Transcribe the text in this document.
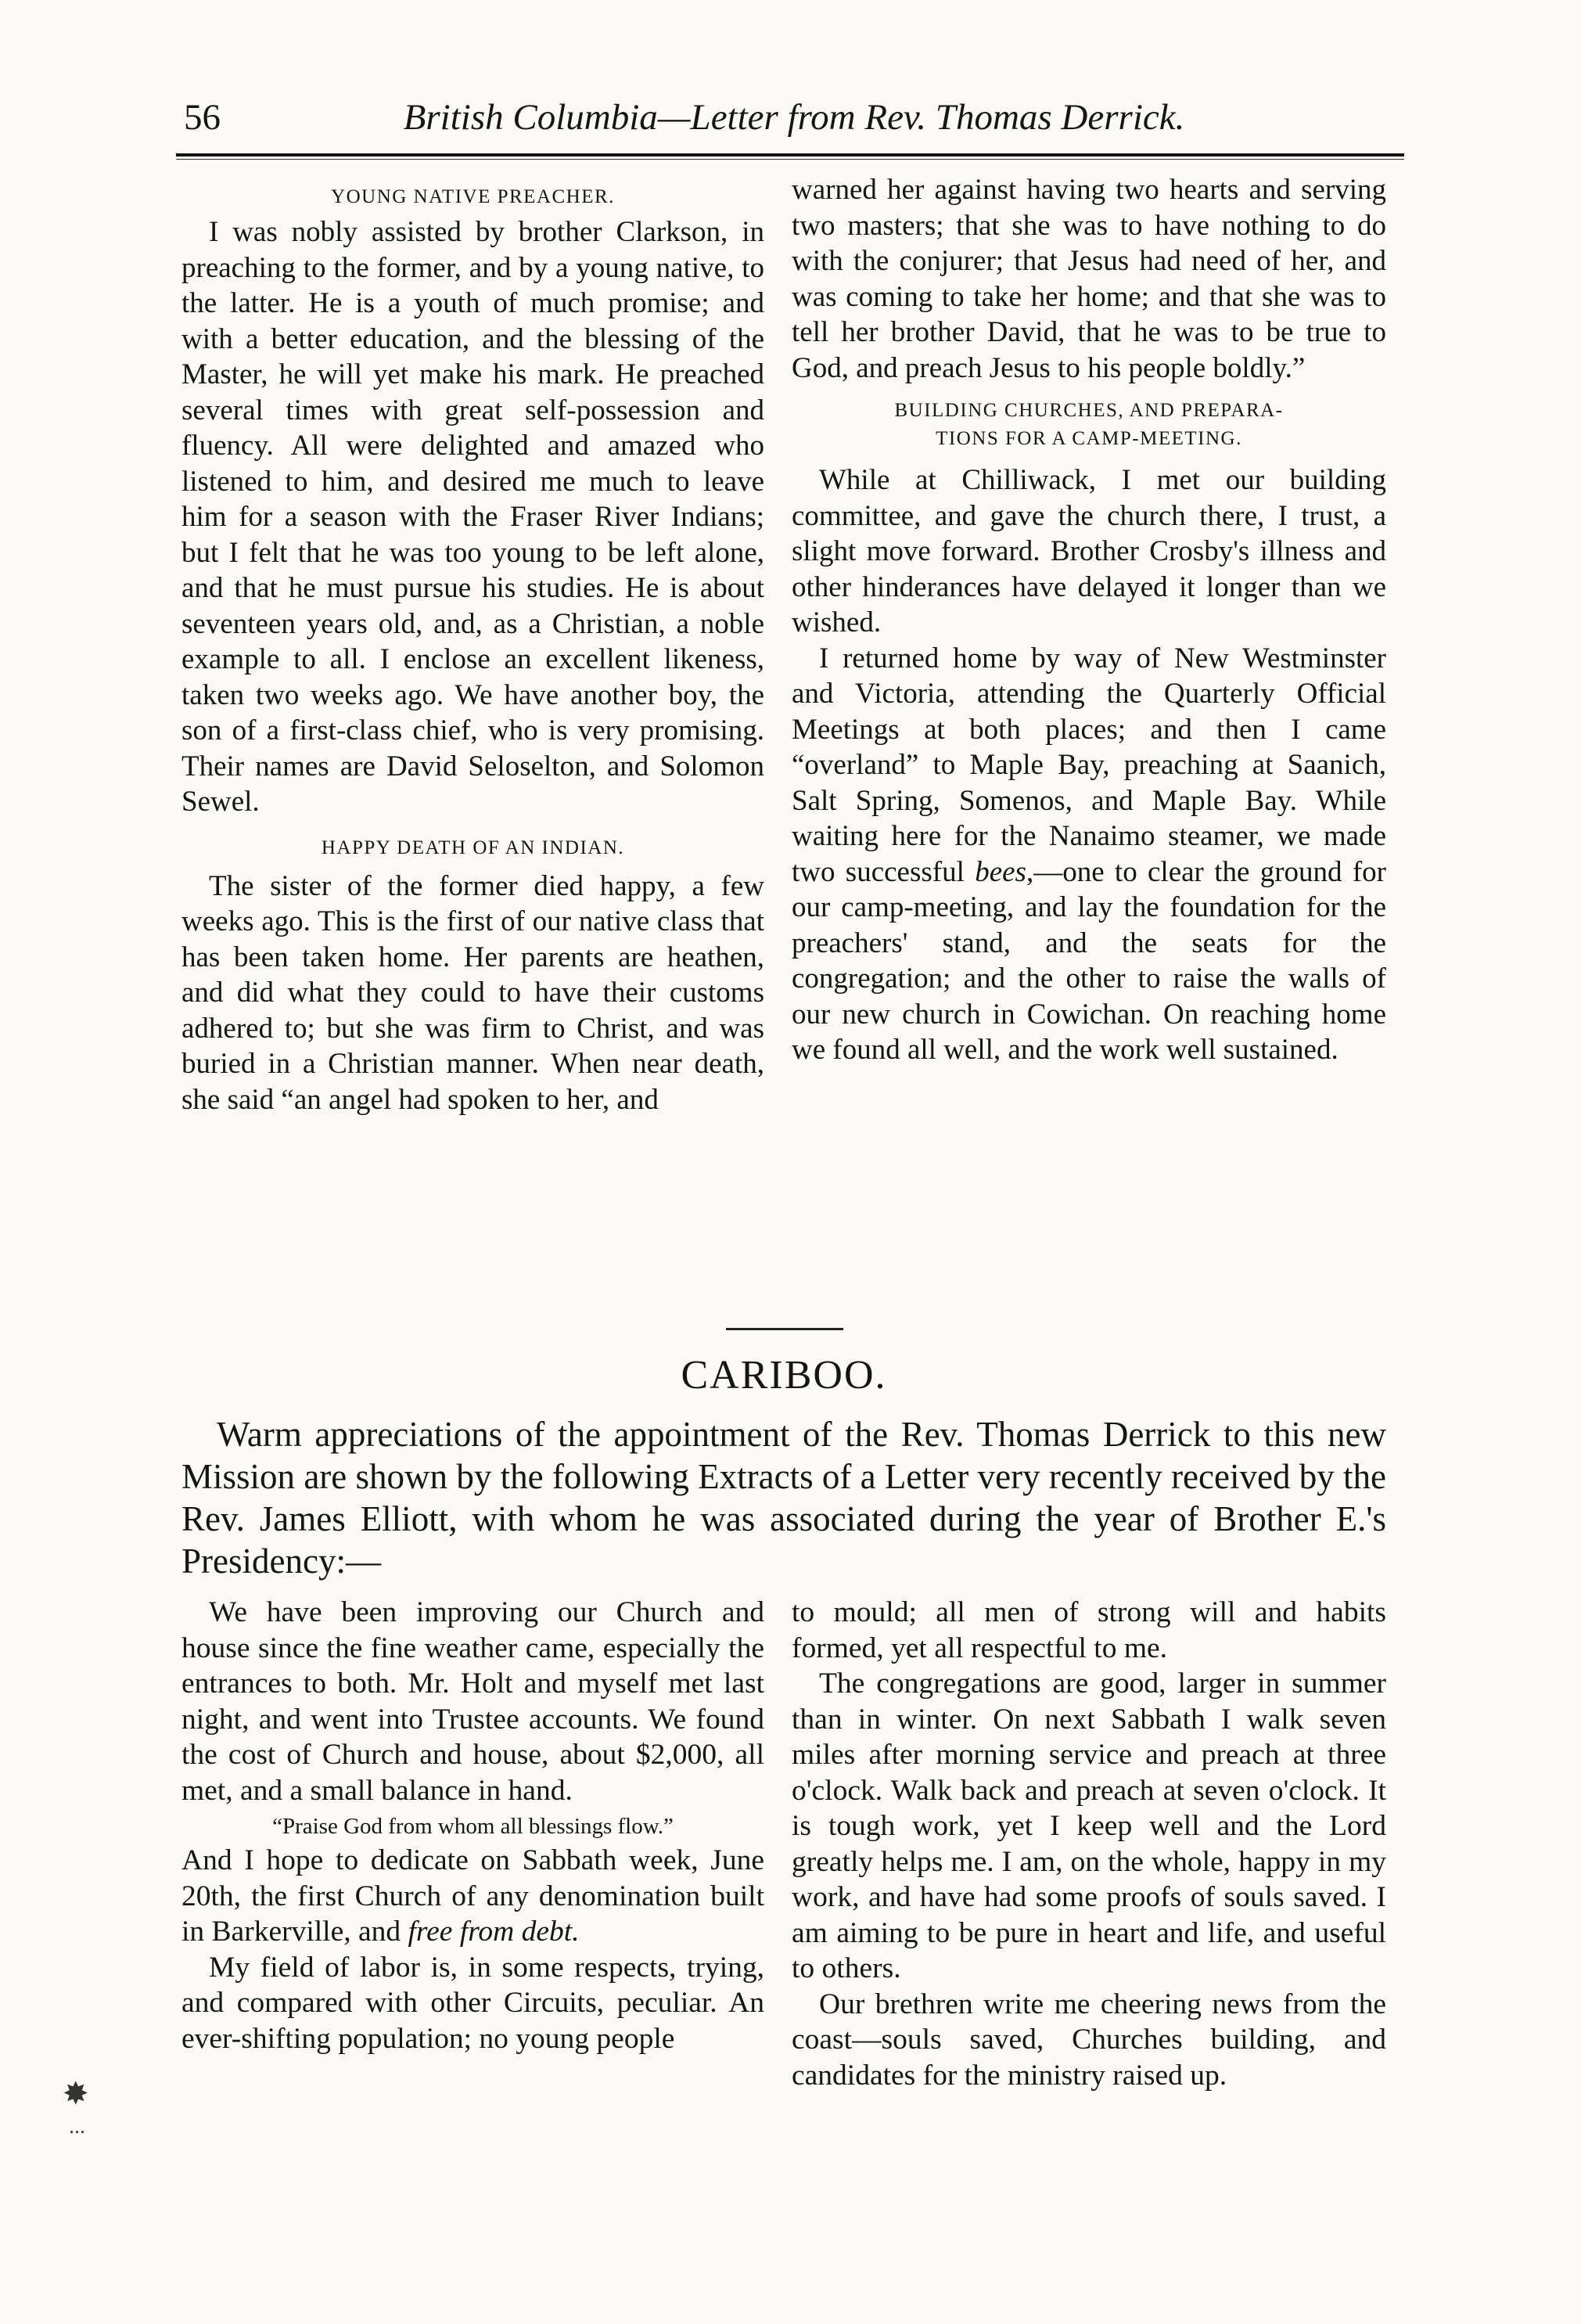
56	British Columbia—Letter from Rev. Thomas Derrick.
YOUNG NATIVE PREACHER.

I was nobly assisted by brother Clarkson, in preaching to the former, and by a young native, to the latter. He is a youth of much promise; and with a better education, and the blessing of the Master, he will yet make his mark. He preached several times with great self-possession and fluency. All were delighted and amazed who listened to him, and desired me much to leave him for a season with the Fraser River Indians; but I felt that he was too young to be left alone, and that he must pursue his studies. He is about seventeen years old, and, as a Christian, a noble example to all. I enclose an excellent likeness, taken two weeks ago. We have another boy, the son of a first-class chief, who is very promising. Their names are David Seloselton, and Solomon Sewel.

HAPPY DEATH OF AN INDIAN.

The sister of the former died happy, a few weeks ago. This is the first of our native class that has been taken home. Her parents are heathen, and did what they could to have their customs adhered to; but she was firm to Christ, and was buried in a Christian manner. When near death, she said “an angel had spoken to her, and

warned her against having two hearts and serving two masters; that she was to have nothing to do with the conjurer; that Jesus had need of her, and was coming to take her home; and that she was to tell her brother David, that he was to be true to God, and preach Jesus to his people boldly.”

BUILDING CHURCHES, AND PREPARA-
TIONS FOR A CAMP-MEETING.

While at Chilliwack, I met our building committee, and gave the church there, I trust, a slight move forward. Brother Crosby's illness and other hinderances have delayed it longer than we wished.

I returned home by way of New Westminster and Victoria, attending the Quarterly Official Meetings at both places; and then I came “overland” to Maple Bay, preaching at Saanich, Salt Spring, Somenos, and Maple Bay. While waiting here for the Nanaimo steamer, we made two successful bees,—one to clear the ground for our camp-meeting, and lay the foundation for the preachers' stand, and the seats for the congregation; and the other to raise the walls of our new church in Cowichan. On reaching home we found all well, and the work well sustained.

CARIBOO.

Warm appreciations of the appointment of the Rev. Thomas Derrick to this new Mission are shown by the following Extracts of a Letter very recently received by the Rev. James Elliott, with whom he was associated during the year of Brother E.'s Presidency:—

We have been improving our Church and house since the fine weather came, especially the entrances to both. Mr. Holt and myself met last night, and went into Trustee accounts. We found the cost of Church and house, about $2,000, all met, and a small balance in hand.

“Praise God from whom all blessings flow.”

And I hope to dedicate on Sabbath week, June 20th, the first Church of any denomination built in Barkerville, and free from debt.

My field of labor is, in some respects, trying, and compared with other Circuits, peculiar. An ever-shifting population; no young people

to mould; all men of strong will and habits formed, yet all respectful to me.

The congregations are good, larger in summer than in winter. On next Sabbath I walk seven miles after morning service and preach at three o'clock. Walk back and preach at seven o'clock. It is tough work, yet I keep well and the Lord greatly helps me. I am, on the whole, happy in my work, and have had some proofs of souls saved. I am aiming to be pure in heart and life, and useful to others.

Our brethren write me cheering news from the coast—souls saved, Churches building, and candidates for the ministry raised up.

✸
...
